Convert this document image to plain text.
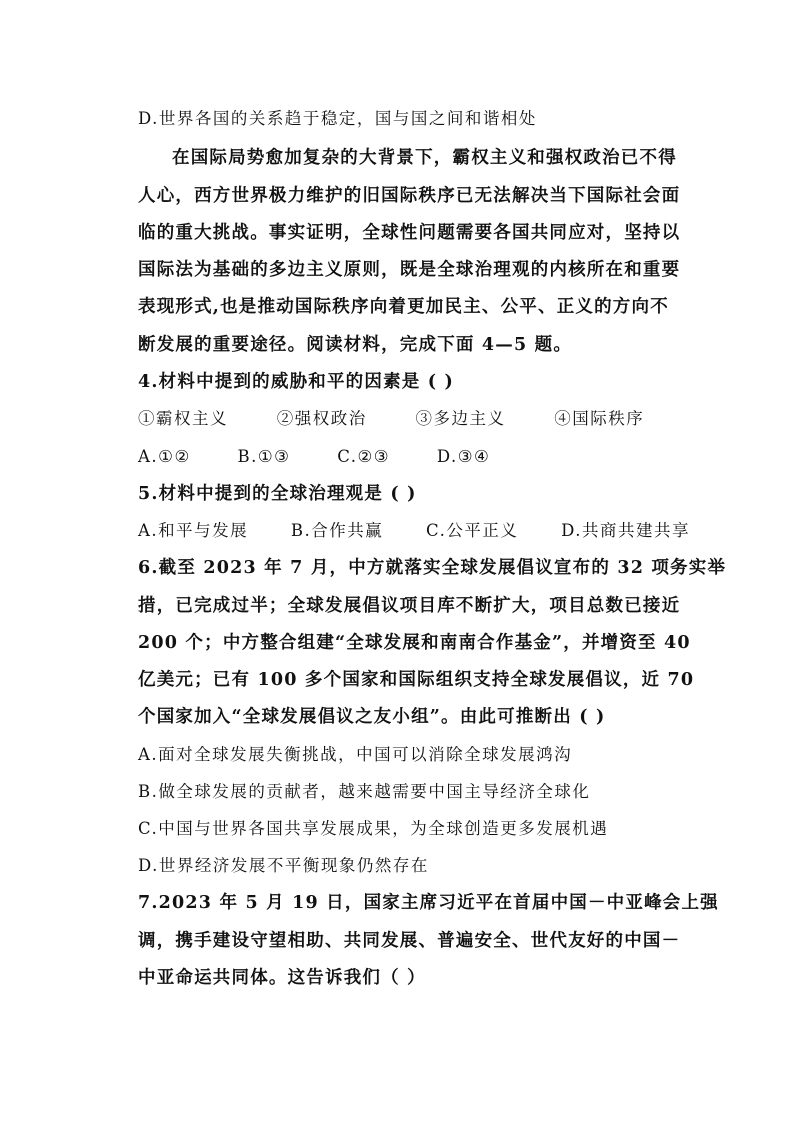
D.世界各国的关系趋于稳定，国与国之间和谐相处
在国际局势愈加复杂的大背景下，霸权主义和强权政治已不得
人心，西方世界极力维护的旧国际秩序已无法解决当下国际社会面
临的重大挑战。事实证明，全球性问题需要各国共同应对，坚持以
国际法为基础的多边主义原则，既是全球治理观的内核所在和重要
表现形式,也是推动国际秩序向着更加民主、公平、正义的方向不
断发展的重要途径。阅读材料，完成下面 4—5 题。
4.材料中提到的威胁和平的因素是 ( )
①霸权主义	②强权政治	③多边主义	④国际秩序
A.①②	B.①③	C.②③	D.③④
5.材料中提到的全球治理观是 ( )
A.和平与发展	B.合作共赢	C.公平正义	D.共商共建共享
6.截至 2023 年 7 月，中方就落实全球发展倡议宣布的 32 项务实举
措，已完成过半；全球发展倡议项目库不断扩大，项目总数已接近
200 个；中方整合组建“全球发展和南南合作基金”，并增资至 40
亿美元；已有 100 多个国家和国际组织支持全球发展倡议，近 70
个国家加入“全球发展倡议之友小组”。由此可推断出 ( )
A.面对全球发展失衡挑战，中国可以消除全球发展鸿沟
B.做全球发展的贡献者，越来越需要中国主导经济全球化
C.中国与世界各国共享发展成果，为全球创造更多发展机遇
D.世界经济发展不平衡现象仍然存在
7.2023 年 5 月 19 日，国家主席习近平在首届中国－中亚峰会上强
调，携手建设守望相助、共同发展、普遍安全、世代友好的中国－
中亚命运共同体。这告诉我们（ ）
